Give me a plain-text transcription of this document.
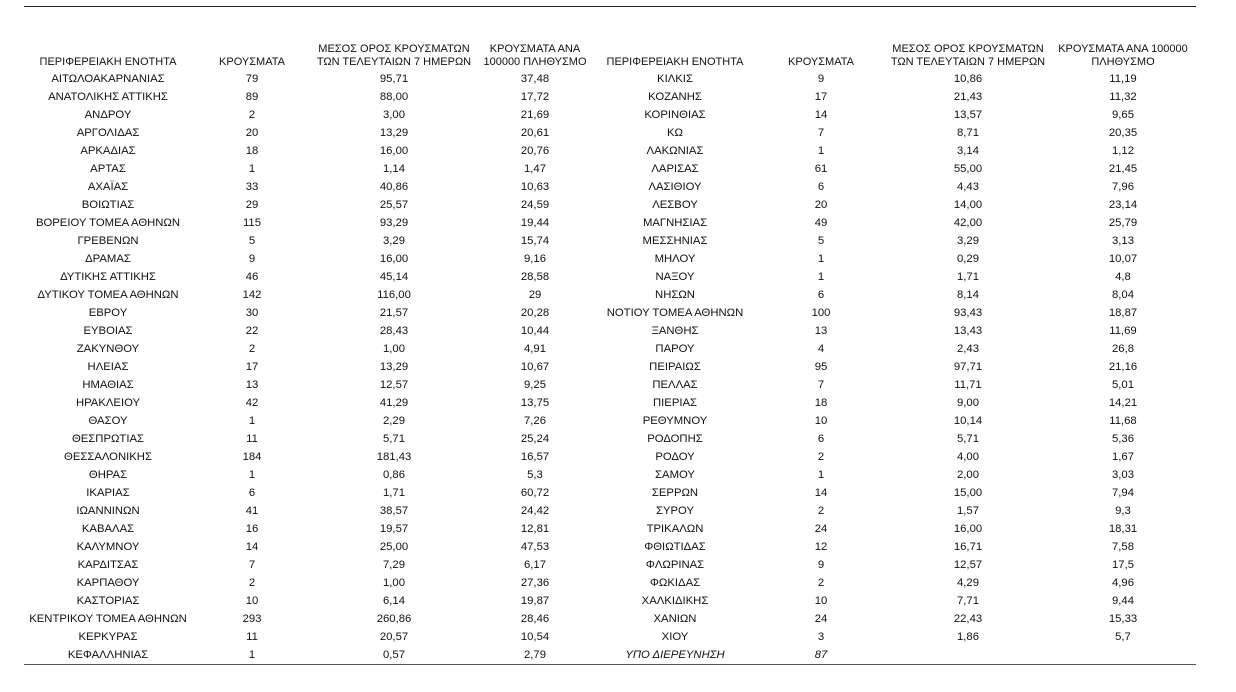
ΠΕΡΙΦΕΡΕΙΑΚΗ ΕΝΟΤΗΤΑ	ΚΡΟΥΣΜΑΤΑ	ΜΕΣΟΣ ΟΡΟΣ ΚΡΟΥΣΜΑΤΩΝ ΤΩΝ ΤΕΛΕΥΤΑΙΩΝ 7 ΗΜΕΡΩΝ	ΚΡΟΥΣΜΑΤΑ ΑΝΑ 100000 ΠΛΗΘΥΣΜΟ	ΠΕΡΙΦΕΡΕΙΑΚΗ ΕΝΟΤΗΤΑ	ΚΡΟΥΣΜΑΤΑ	ΜΕΣΟΣ ΟΡΟΣ ΚΡΟΥΣΜΑΤΩΝ ΤΩΝ ΤΕΛΕΥΤΑΙΩΝ 7 ΗΜΕΡΩΝ	ΚΡΟΥΣΜΑΤΑ ΑΝΑ 100000 ΠΛΗΘΥΣΜΟ
ΑΙΤΩΛΟΑΚΑΡΝΑΝΙΑΣ	79	95,71	37,48	ΚΙΛΚΙΣ	9	10,86	11,19
ΑΝΑΤΟΛΙΚΗΣ ΑΤΤΙΚΗΣ	89	88,00	17,72	ΚΟΖΑΝΗΣ	17	21,43	11,32
ΑΝΔΡΟΥ	2	3,00	21,69	ΚΟΡΙΝΘΙΑΣ	14	13,57	9,65
ΑΡΓΟΛΙΔΑΣ	20	13,29	20,61	ΚΩ	7	8,71	20,35
ΑΡΚΑΔΙΑΣ	18	16,00	20,76	ΛΑΚΩΝΙΑΣ	1	3,14	1,12
ΑΡΤΑΣ	1	1,14	1,47	ΛΑΡΙΣΑΣ	61	55,00	21,45
ΑΧΑΪΑΣ	33	40,86	10,63	ΛΑΣΙΘΙΟΥ	6	4,43	7,96
ΒΟΙΩΤΙΑΣ	29	25,57	24,59	ΛΕΣΒΟΥ	20	14,00	23,14
ΒΟΡΕΙΟΥ ΤΟΜΕΑ ΑΘΗΝΩΝ	115	93,29	19,44	ΜΑΓΝΗΣΙΑΣ	49	42,00	25,79
ΓΡΕΒΕΝΩΝ	5	3,29	15,74	ΜΕΣΣΗΝΙΑΣ	5	3,29	3,13
ΔΡΑΜΑΣ	9	16,00	9,16	ΜΗΛΟΥ	1	0,29	10,07
ΔΥΤΙΚΗΣ ΑΤΤΙΚΗΣ	46	45,14	28,58	ΝΑΞΟΥ	1	1,71	4,8
ΔΥΤΙΚΟΥ ΤΟΜΕΑ ΑΘΗΝΩΝ	142	116,00	29	ΝΗΣΩΝ	6	8,14	8,04
ΕΒΡΟΥ	30	21,57	20,28	ΝΟΤΙΟΥ ΤΟΜΕΑ ΑΘΗΝΩΝ	100	93,43	18,87
ΕΥΒΟΙΑΣ	22	28,43	10,44	ΞΑΝΘΗΣ	13	13,43	11,69
ΖΑΚΥΝΘΟΥ	2	1,00	4,91	ΠΑΡΟΥ	4	2,43	26,8
ΗΛΕΙΑΣ	17	13,29	10,67	ΠΕΙΡΑΙΩΣ	95	97,71	21,16
ΗΜΑΘΙΑΣ	13	12,57	9,25	ΠΕΛΛΑΣ	7	11,71	5,01
ΗΡΑΚΛΕΙΟΥ	42	41,29	13,75	ΠΙΕΡΙΑΣ	18	9,00	14,21
ΘΑΣΟΥ	1	2,29	7,26	ΡΕΘΥΜΝΟΥ	10	10,14	11,68
ΘΕΣΠΡΩΤΙΑΣ	11	5,71	25,24	ΡΟΔΟΠΗΣ	6	5,71	5,36
ΘΕΣΣΑΛΟΝΙΚΗΣ	184	181,43	16,57	ΡΟΔΟΥ	2	4,00	1,67
ΘΗΡΑΣ	1	0,86	5,3	ΣΑΜΟΥ	1	2,00	3,03
ΙΚΑΡΙΑΣ	6	1,71	60,72	ΣΕΡΡΩΝ	14	15,00	7,94
ΙΩΑΝΝΙΝΩΝ	41	38,57	24,42	ΣΥΡΟΥ	2	1,57	9,3
ΚΑΒΑΛΑΣ	16	19,57	12,81	ΤΡΙΚΑΛΩΝ	24	16,00	18,31
ΚΑΛΥΜΝΟΥ	14	25,00	47,53	ΦΘΙΩΤΙΔΑΣ	12	16,71	7,58
ΚΑΡΔΙΤΣΑΣ	7	7,29	6,17	ΦΛΩΡΙΝΑΣ	9	12,57	17,5
ΚΑΡΠΑΘΟΥ	2	1,00	27,36	ΦΩΚΙΔΑΣ	2	4,29	4,96
ΚΑΣΤΟΡΙΑΣ	10	6,14	19,87	ΧΑΛΚΙΔΙΚΗΣ	10	7,71	9,44
ΚΕΝΤΡΙΚΟΥ ΤΟΜΕΑ ΑΘΗΝΩΝ	293	260,86	28,46	ΧΑΝΙΩΝ	24	22,43	15,33
ΚΕΡΚΥΡΑΣ	11	20,57	10,54	ΧΙΟΥ	3	1,86	5,7
ΚΕΦΑΛΛΗΝΙΑΣ	1	0,57	2,79	ΥΠΟ ΔΙΕΡΕΥΝΗΣΗ	87		
